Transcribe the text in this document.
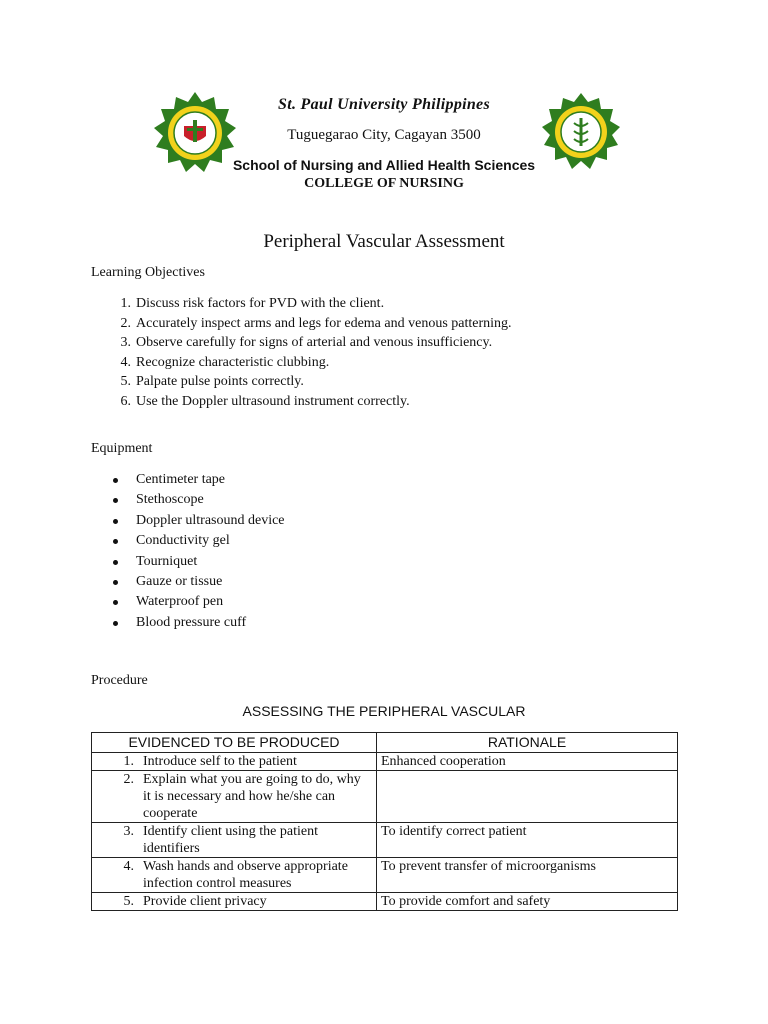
St. Paul University Philippines
Tuguegarao City, Cagayan 3500
School of Nursing and Allied Health Sciences
COLLEGE OF NURSING
Peripheral Vascular Assessment
Learning Objectives
1. Discuss risk factors for PVD with the client.
2. Accurately inspect arms and legs for edema and venous patterning.
3. Observe carefully for signs of arterial and venous insufficiency.
4. Recognize characteristic clubbing.
5. Palpate pulse points correctly.
6. Use the Doppler ultrasound instrument correctly.
Equipment
Centimeter tape
Stethoscope
Doppler ultrasound device
Conductivity gel
Tourniquet
Gauze or tissue
Waterproof pen
Blood pressure cuff
Procedure
ASSESSING THE PERIPHERAL VASCULAR
EVIDENCED TO BE PRODUCED	RATIONALE

1. Introduce self to the patient	Enhanced cooperation

2. Explain what you are going to do, why it is necessary and how he/she can cooperate	

3. Identify client using the patient identifiers	To identify correct patient

4. Wash hands and observe appropriate infection control measures	To prevent transfer of microorganisms

5. Provide client privacy	To provide comfort and safety
